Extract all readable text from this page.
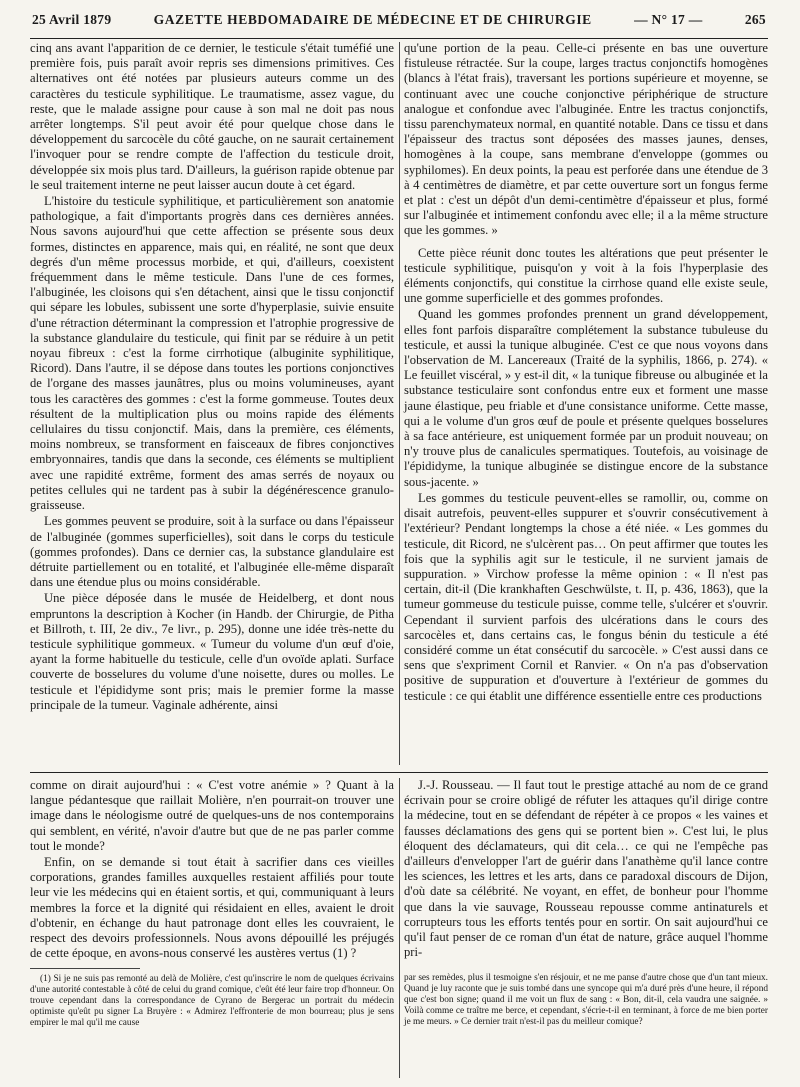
25 Avril 1879	GAZETTE HEBDOMADAIRE DE MÉDECINE ET DE CHIRURGIE	— N° 17 —	265

cinq ans avant l'apparition de ce dernier, le testicule s'était tuméfié une première fois, puis paraît avoir repris ses dimensions primitives. Ces alternatives ont été notées par plusieurs auteurs comme un des caractères du testicule syphilitique. Le traumatisme, assez vague, du reste, que le malade assigne pour cause à son mal ne doit pas nous arrêter longtemps. S'il peut avoir été pour quelque chose dans le développement du sarcocèle du côté gauche, on ne saurait certainement l'invoquer pour se rendre compte de l'affection du testicule droit, développée six mois plus tard. D'ailleurs, la guérison rapide obtenue par le seul traitement interne ne peut laisser aucun doute à cet égard.

L'histoire du testicule syphilitique, et particulièrement son anatomie pathologique, a fait d'importants progrès dans ces dernières années. Nous savons aujourd'hui que cette affection se présente sous deux formes, distinctes en apparence, mais qui, en réalité, ne sont que deux degrés d'un même processus morbide, et qui, d'ailleurs, coexistent fréquemment dans le même testicule. Dans l'une de ces formes, l'albuginée, les cloisons qui s'en détachent, ainsi que le tissu conjonctif qui sépare les lobules, subissent une sorte d'hyperplasie, suivie ensuite d'une rétraction déterminant la compression et l'atrophie progressive de la substance glandulaire du testicule, qui finit par se réduire à un petit noyau fibreux : c'est la forme cirrhotique (albuginite syphilitique, Ricord). Dans l'autre, il se dépose dans toutes les portions conjonctives de l'organe des masses jaunâtres, plus ou moins volumineuses, ayant tous les caractères des gommes : c'est la forme gommeuse. Toutes deux résultent de la multiplication plus ou moins rapide des éléments cellulaires du tissu conjonctif. Mais, dans la première, ces éléments, moins nombreux, se transforment en faisceaux de fibres conjonctives embryonnaires, tandis que dans la seconde, ces éléments se multiplient avec une rapidité extrême, forment des amas serrés de noyaux ou petites cellules qui ne tardent pas à subir la dégénérescence granulo-graisseuse.

Les gommes peuvent se produire, soit à la surface ou dans l'épaisseur de l'albuginée (gommes superficielles), soit dans le corps du testicule (gommes profondes). Dans ce dernier cas, la substance glandulaire est détruite partiellement ou en totalité, et l'albuginée elle-même disparaît dans une étendue plus ou moins considérable.

Une pièce déposée dans le musée de Heidelberg, et dont nous empruntons la description à Kocher (in Handb. der Chirurgie, de Pitha et Billroth, t. III, 2e div., 7e livr., p. 295), donne une idée très-nette du testicule syphilitique gommeux. « Tumeur du volume d'un œuf d'oie, ayant la forme habituelle du testicule, celle d'un ovoïde aplati. Surface couverte de bosselures du volume d'une noisette, dures ou molles. Le testicule et l'épididyme sont pris; mais le premier forme la masse principale de la tumeur. Vaginale adhérente, ainsi

qu'une portion de la peau. Celle-ci présente en bas une ouverture fistuleuse rétractée. Sur la coupe, larges tractus conjonctifs homogènes (blancs à l'état frais), traversant les portions supérieure et moyenne, se continuant avec une couche conjonctive périphérique de structure analogue et confondue avec l'albuginée. Entre les tractus conjonctifs, tissu parenchymateux normal, en quantité notable. Dans ce tissu et dans l'épaisseur des tractus sont déposées des masses jaunes, denses, homogènes à la coupe, sans membrane d'enveloppe (gommes ou syphilomes). En deux points, la peau est perforée dans une étendue de 3 à 4 centimètres de diamètre, et par cette ouverture sort un fongus ferme et plat : c'est un dépôt d'un demi-centimètre d'épaisseur et plus, formé sur l'albuginée et intimement confondu avec elle; il a la même structure que les gommes. »

Cette pièce réunit donc toutes les altérations que peut présenter le testicule syphilitique, puisqu'on y voit à la fois l'hyperplasie des éléments conjonctifs, qui constitue la cirrhose quand elle existe seule, une gomme superficielle et des gommes profondes.

Quand les gommes profondes prennent un grand développement, elles font parfois disparaître complétement la substance tubuleuse du testicule, et aussi la tunique albuginée. C'est ce que nous voyons dans l'observation de M. Lancereaux (Traité de la syphilis, 1866, p. 274). « Le feuillet viscéral, » y est-il dit, « la tunique fibreuse ou albuginée et la substance testiculaire sont confondus entre eux et forment une masse jaune élastique, peu friable et d'une consistance uniforme. Cette masse, qui a le volume d'un gros œuf de poule et présente quelques bosselures à sa face antérieure, est uniquement formée par un produit nouveau; on n'y trouve plus de canalicules spermatiques. Toutefois, au voisinage de l'épididyme, la tunique albuginée se distingue encore de la substance sous-jacente. »

Les gommes du testicule peuvent-elles se ramollir, ou, comme on disait autrefois, peuvent-elles suppurer et s'ouvrir consécutivement à l'extérieur? Pendant longtemps la chose a été niée. « Les gommes du testicule, dit Ricord, ne s'ulcèrent pas… On peut affirmer que toutes les fois que la syphilis agit sur le testicule, il ne survient jamais de suppuration. » Virchow professe la même opinion : « Il n'est pas certain, dit-il (Die krankhaften Geschwülste, t. II, p. 436, 1863), que la tumeur gommeuse du testicule puisse, comme telle, s'ulcérer et s'ouvrir. Cependant il survient parfois des ulcérations dans le cours des sarcocèles et, dans certains cas, le fongus bénin du testicule a été considéré comme un état consécutif du sarcocèle. » C'est aussi dans ce sens que s'expriment Cornil et Ranvier. « On n'a pas d'observation positive de suppuration et d'ouverture à l'extérieur de gommes du testicule : ce qui établit une différence essentielle entre ces productions

comme on dirait aujourd'hui : « C'est votre anémie » ? Quant à la langue pédantesque que raillait Molière, n'en pourrait-on trouver une image dans le néologisme outré de quelques-uns de nos contemporains qui semblent, en vérité, n'avoir d'autre but que de ne pas parler comme tout le monde?

Enfin, on se demande si tout était à sacrifier dans ces vieilles corporations, grandes familles auxquelles restaient affiliés pour toute leur vie les médecins qui en étaient sortis, et qui, communiquant à leurs membres la force et la dignité qui résidaient en elles, avaient le droit d'obtenir, en échange du haut patronage dont elles les couvraient, le respect des devoirs professionnels. Nous avons dépouillé les préjugés de cette époque, en avons-nous conservé les austères vertus (1) ?

(1) Si je ne suis pas remonté au delà de Molière, c'est qu'inscrire le nom de quelques écrivains d'une autorité contestable à côté de celui du grand comique, c'eût été leur faire trop d'honneur. On trouve cependant dans la correspondance de Cyrano de Bergerac un portrait du médecin optimiste qu'eût pu signer La Bruyère : « Admirez l'effronterie de mon bourreau; plus je sens empirer le mal qu'il me cause

J.-J. Rousseau. — Il faut tout le prestige attaché au nom de ce grand écrivain pour se croire obligé de réfuter les attaques qu'il dirige contre la médecine, tout en se défendant de répéter à ce propos « les vaines et fausses déclamations des gens qui se portent bien ». C'est lui, le plus éloquent des déclamateurs, qui dit cela… ce qui ne l'empêche pas d'ailleurs d'envelopper l'art de guérir dans l'anathème qu'il lance contre les sciences, les lettres et les arts, dans ce paradoxal discours de Dijon, d'où date sa célébrité. Ne voyant, en effet, de bonheur pour l'homme que dans la vie sauvage, Rousseau repousse comme antinaturels et corrupteurs tous les efforts tentés pour en sortir. On sait aujourd'hui ce qu'il faut penser de ce roman d'un état de nature, grâce auquel l'homme pri-

par ses remèdes, plus il tesmoigne s'en résjouir, et ne me panse d'autre chose que d'un tant mieux. Quand je luy raconte que je suis tombé dans une syncope qui m'a duré près d'une heure, il répond que c'est bon signe; quand il me voit un flux de sang : « Bon, dit-il, cela vaudra une saignée. » Voilà comme ce traître me berce, et cependant, s'écrie-t-il en terminant, à force de me bien porter je me meurs. » Ce dernier trait n'est-il pas du meilleur comique?
